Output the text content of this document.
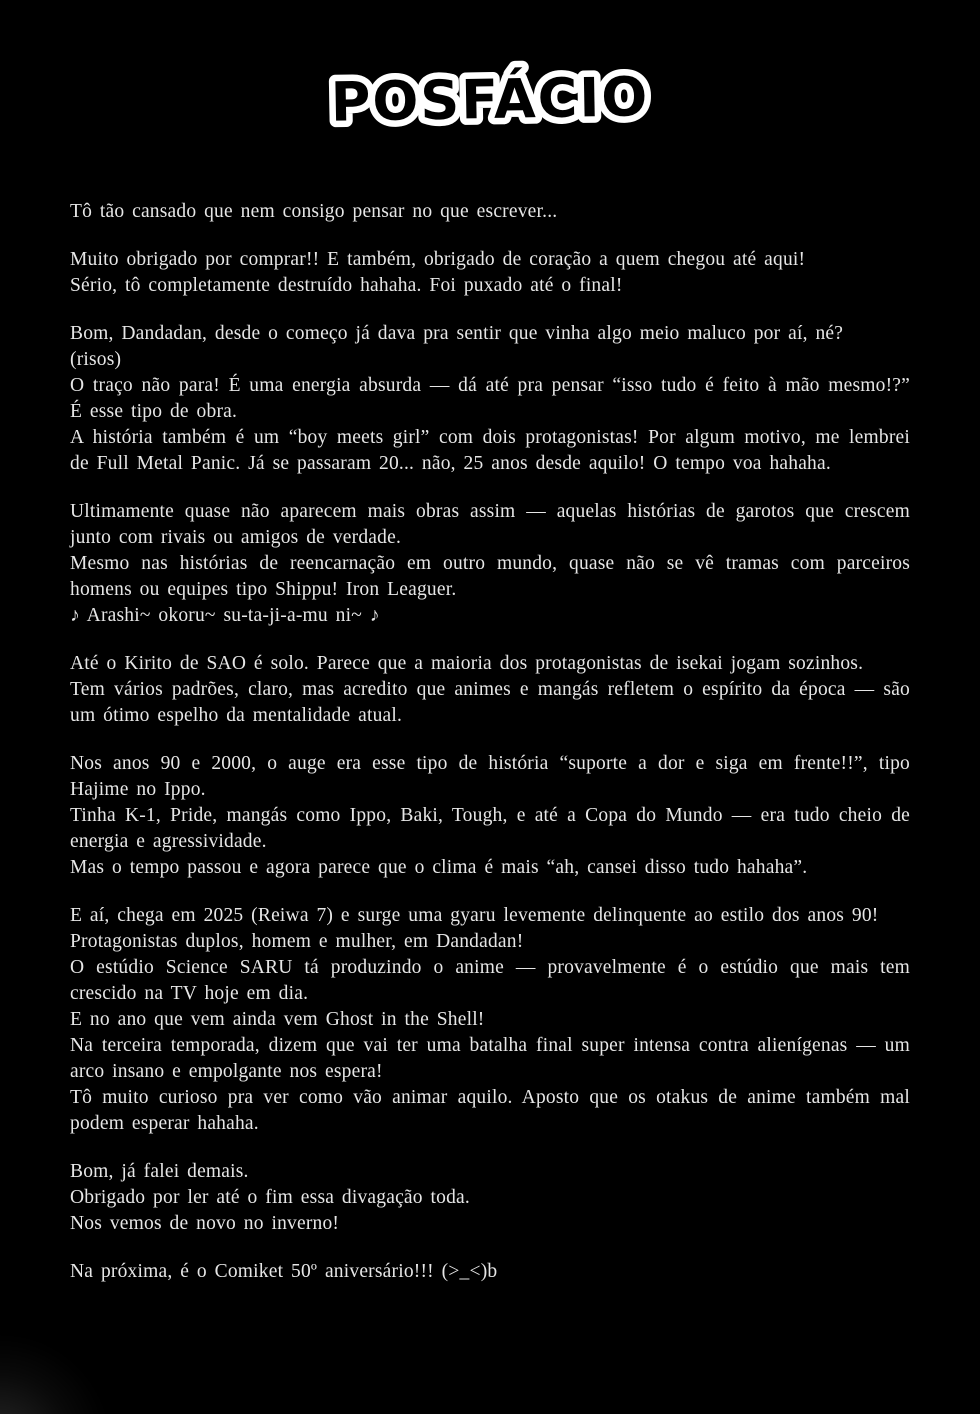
POSFÁCIO
Tô tão cansado que nem consigo pensar no que escrever...
Muito obrigado por comprar!! E também, obrigado de coração a quem chegou até aqui!
Sério, tô completamente destruído hahaha. Foi puxado até o final!
Bom, Dandadan, desde o começo já dava pra sentir que vinha algo meio maluco por aí, né?
(risos)
O traço não para! É uma energia absurda — dá até pra pensar “isso tudo é feito à mão mesmo!?” É esse tipo de obra.
A história também é um “boy meets girl” com dois protagonistas! Por algum motivo, me lembrei de Full Metal Panic. Já se passaram 20... não, 25 anos desde aquilo! O tempo voa hahaha.
Ultimamente quase não aparecem mais obras assim — aquelas histórias de garotos que crescem junto com rivais ou amigos de verdade.
Mesmo nas histórias de reencarnação em outro mundo, quase não se vê tramas com parceiros homens ou equipes tipo Shippu! Iron Leaguer.
♪ Arashi~ okoru~ su-ta-ji-a-mu ni~ ♪
Até o Kirito de SAO é solo. Parece que a maioria dos protagonistas de isekai jogam sozinhos.
Tem vários padrões, claro, mas acredito que animes e mangás refletem o espírito da época — são um ótimo espelho da mentalidade atual.
Nos anos 90 e 2000, o auge era esse tipo de história “suporte a dor e siga em frente!!”, tipo Hajime no Ippo.
Tinha K-1, Pride, mangás como Ippo, Baki, Tough, e até a Copa do Mundo — era tudo cheio de energia e agressividade.
Mas o tempo passou e agora parece que o clima é mais “ah, cansei disso tudo hahaha”.
E aí, chega em 2025 (Reiwa 7) e surge uma gyaru levemente delinquente ao estilo dos anos 90!
Protagonistas duplos, homem e mulher, em Dandadan!
O estúdio Science SARU tá produzindo o anime — provavelmente é o estúdio que mais tem crescido na TV hoje em dia.
E no ano que vem ainda vem Ghost in the Shell!
Na terceira temporada, dizem que vai ter uma batalha final super intensa contra alienígenas — um arco insano e empolgante nos espera!
Tô muito curioso pra ver como vão animar aquilo. Aposto que os otakus de anime também mal podem esperar hahaha.
Bom, já falei demais.
Obrigado por ler até o fim essa divagação toda.
Nos vemos de novo no inverno!
Na próxima, é o Comiket 50º aniversário!!! (>_<)b
